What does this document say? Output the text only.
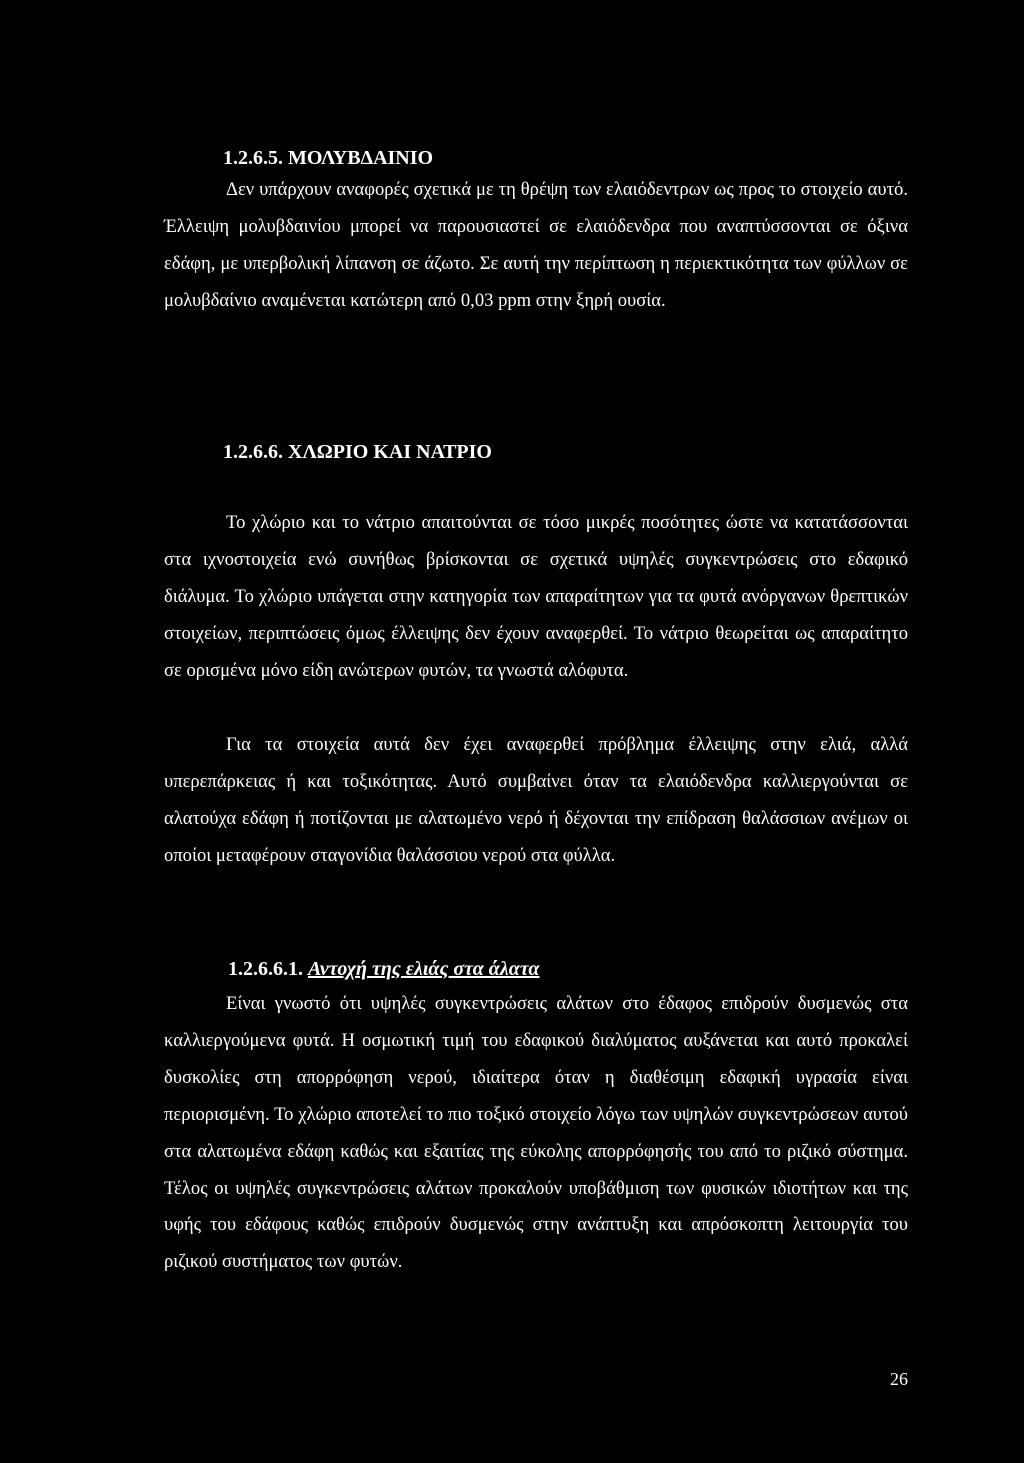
1.2.6.5. ΜΟΛΥΒΔΑΙΝΙΟ

Δεν υπάρχουν αναφορές σχετικά με τη θρέψη των ελαιόδεντρων ως προς το στοιχείο αυτό. Έλλειψη μολυβδαινίου μπορεί να παρουσιαστεί σε ελαιόδενδρα που αναπτύσσονται σε όξινα εδάφη, με υπερβολική λίπανση σε άζωτο. Σε αυτή την περίπτωση η περιεκτικότητα των φύλλων σε μολυβδαίνιο αναμένεται κατώτερη από 0,03 ppm στην ξηρή ουσία.

1.2.6.6. ΧΛΩΡΙΟ ΚΑΙ ΝΑΤΡΙΟ

Το χλώριο και το νάτριο απαιτούνται σε τόσο μικρές ποσότητες ώστε να κατατάσσονται στα ιχνοστοιχεία ενώ συνήθως βρίσκονται σε σχετικά υψηλές συγκεντρώσεις στο εδαφικό διάλυμα. Το χλώριο υπάγεται στην κατηγορία των απαραίτητων για τα φυτά ανόργανων θρεπτικών στοιχείων, περιπτώσεις όμως έλλειψης δεν έχουν αναφερθεί. Το νάτριο θεωρείται ως απαραίτητο σε ορισμένα μόνο είδη ανώτερων φυτών, τα γνωστά αλόφυτα.

Για τα στοιχεία αυτά δεν έχει αναφερθεί πρόβλημα έλλειψης στην ελιά, αλλά υπερεπάρκειας ή και τοξικότητας. Αυτό συμβαίνει όταν τα ελαιόδενδρα καλλιεργούνται σε αλατούχα εδάφη ή ποτίζονται με αλατωμένο νερό ή δέχονται την επίδραση θαλάσσιων ανέμων οι οποίοι μεταφέρουν σταγονίδια θαλάσσιου νερού στα φύλλα.

1.2.6.6.1. Αντοχή της ελιάς στα άλατα

Είναι γνωστό ότι υψηλές συγκεντρώσεις αλάτων στο έδαφος επιδρούν δυσμενώς στα καλλιεργούμενα φυτά. Η οσμωτική τιμή του εδαφικού διαλύματος αυξάνεται και αυτό προκαλεί δυσκολίες στη απορρόφηση νερού, ιδιαίτερα όταν η διαθέσιμη εδαφική υγρασία είναι περιορισμένη. Το χλώριο αποτελεί το πιο τοξικό στοιχείο λόγω των υψηλών συγκεντρώσεων αυτού στα αλατωμένα εδάφη καθώς και εξαιτίας της εύκολης απορρόφησής του από το ριζικό σύστημα. Τέλος οι υψηλές συγκεντρώσεις αλάτων προκαλούν υποβάθμιση των φυσικών ιδιοτήτων και της υφής του εδάφους καθώς επιδρούν δυσμενώς στην ανάπτυξη και απρόσκοπτη λειτουργία του ριζικού συστήματος των φυτών.

26
